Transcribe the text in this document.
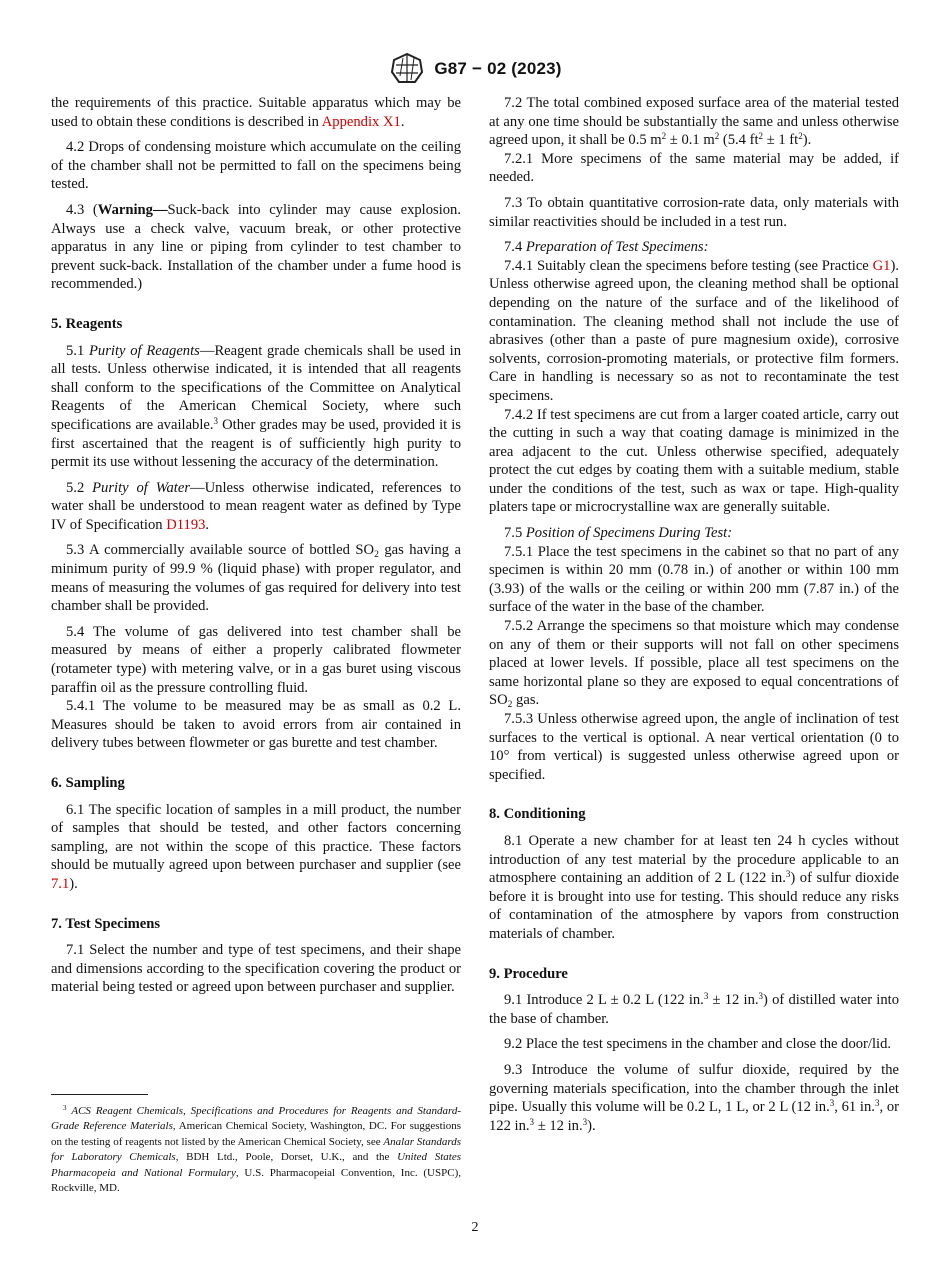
G87 − 02 (2023)

the requirements of this practice. Suitable apparatus which may be used to obtain these conditions is described in Appendix X1.

4.2 Drops of condensing moisture which accumulate on the ceiling of the chamber shall not be permitted to fall on the specimens being tested.

4.3 (Warning—Suck-back into cylinder may cause explosion. Always use a check valve, vacuum break, or other protective apparatus in any line or piping from cylinder to test chamber to prevent suck-back. Installation of the chamber under a fume hood is recommended.)

5. Reagents

5.1 Purity of Reagents—Reagent grade chemicals shall be used in all tests. Unless otherwise indicated, it is intended that all reagents shall conform to the specifications of the Committee on Analytical Reagents of the American Chemical Society, where such specifications are available.$^3$ Other grades may be used, provided it is first ascertained that the reagent is of sufficiently high purity to permit its use without lessening the accuracy of the determination.

5.2 Purity of Water—Unless otherwise indicated, references to water shall be understood to mean reagent water as defined by Type IV of Specification D1193.

5.3 A commercially available source of bottled $SO_2$ gas having a minimum purity of 99.9 % (liquid phase) with proper regulator, and means of measuring the volumes of gas required for delivery into test chamber shall be provided.

5.4 The volume of gas delivered into test chamber shall be measured by means of either a properly calibrated flowmeter (rotameter type) with metering valve, or in a gas buret using viscous paraffin oil as the pressure controlling fluid.

5.4.1 The volume to be measured may be as small as 0.2 L. Measures should be taken to avoid errors from air contained in delivery tubes between flowmeter or gas burette and test chamber.

6. Sampling

6.1 The specific location of samples in a mill product, the number of samples that should be tested, and other factors concerning sampling, are not within the scope of this practice. These factors should be mutually agreed upon between purchaser and supplier (see 7.1).

7. Test Specimens

7.1 Select the number and type of test specimens, and their shape and dimensions according to the specification covering the product or material being tested or agreed upon between purchaser and supplier.

$^3$ ACS Reagent Chemicals, Specifications and Procedures for Reagents and Standard-Grade Reference Materials, American Chemical Society, Washington, DC. For suggestions on the testing of reagents not listed by the American Chemical Society, see Analar Standards for Laboratory Chemicals, BDH Ltd., Poole, Dorset, U.K., and the United States Pharmacopeia and National Formulary, U.S. Pharmacopeial Convention, Inc. (USPC), Rockville, MD.

7.2 The total combined exposed surface area of the material tested at any one time should be substantially the same and unless otherwise agreed upon, it shall be 0.5 $m^2 \pm 0.1$ $m^2$ (5.4 $ft^2 \pm 1$ $ft^2$).

7.2.1 More specimens of the same material may be added, if needed.

7.3 To obtain quantitative corrosion-rate data, only materials with similar reactivities should be included in a test run.

7.4 Preparation of Test Specimens:

7.4.1 Suitably clean the specimens before testing (see Practice G1). Unless otherwise agreed upon, the cleaning method shall be optional depending on the nature of the surface and of the likelihood of contamination. The cleaning method shall not include the use of abrasives (other than a paste of pure magnesium oxide), corrosive solvents, corrosion-promoting materials, or protective film formers. Care in handling is necessary so as not to recontaminate the test specimens.

7.4.2 If test specimens are cut from a larger coated article, carry out the cutting in such a way that coating damage is minimized in the area adjacent to the cut. Unless otherwise specified, adequately protect the cut edges by coating them with a suitable medium, stable under the conditions of the test, such as wax or tape. High-quality platers tape or microcrystalline wax are generally suitable.

7.5 Position of Specimens During Test:

7.5.1 Place the test specimens in the cabinet so that no part of any specimen is within 20 mm (0.78 in.) of another or within 100 mm (3.93) of the walls or the ceiling or within 200 mm (7.87 in.) of the surface of the water in the base of the chamber.

7.5.2 Arrange the specimens so that moisture which may condense on any of them or their supports will not fall on other specimens placed at lower levels. If possible, place all test specimens on the same horizontal plane so they are exposed to equal concentrations of $SO_2$ gas.

7.5.3 Unless otherwise agreed upon, the angle of inclination of test surfaces to the vertical is optional. A near vertical orientation (0 to 10° from vertical) is suggested unless otherwise agreed upon or specified.

8. Conditioning

8.1 Operate a new chamber for at least ten 24 h cycles without introduction of any test material by the procedure applicable to an atmosphere containing an addition of 2 L (122 in.$^3$) of sulfur dioxide before it is brought into use for testing. This should reduce any risks of contamination of the atmosphere by vapors from construction materials of chamber.

9. Procedure

9.1 Introduce 2 L ± 0.2 L (122 in.$^3$ ± 12 in.$^3$) of distilled water into the base of chamber.

9.2 Place the test specimens in the chamber and close the door/lid.

9.3 Introduce the volume of sulfur dioxide, required by the governing materials specification, into the chamber through the inlet pipe. Usually this volume will be 0.2 L, 1 L, or 2 L (12 in.$^3$, 61 in.$^3$, or 122 in.$^3$ ± 12 in.$^3$).

2
